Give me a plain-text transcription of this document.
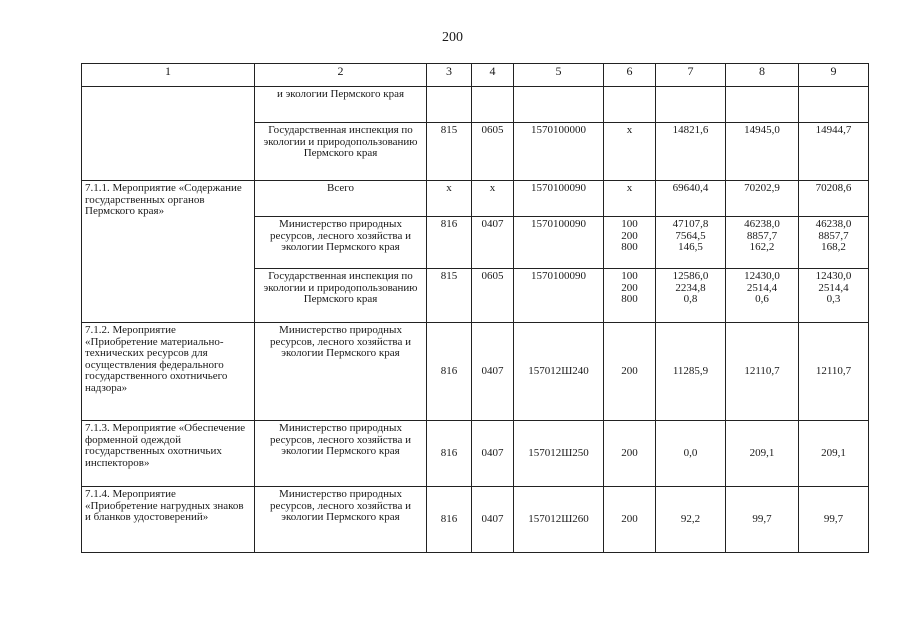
200
1	2	3	4	5	6	7	8	9
	и экологии Пермского края							
	Государственная инспекция по экологии и природопользованию Пермского края	815	0605	1570100000	х	14821,6	14945,0	14944,7

7.1.1. Мероприятие «Содержание государственных органов Пермского края»	Всего	х	х	1570100090	х	69640,4	70202,9	70208,6

	Министерство природных ресурсов, лесного хозяйства и экологии Пермского края	816	0407	1570100090	100
200
800	47107,8
7564,5
146,5	46238,0
8857,7
162,2	46238,0
8857,7
168,2

	Государственная инспекция по экологии и природопользованию Пермского края	815	0605	1570100090	100
200
800	12586,0
2234,8
0,8	12430,0
2514,4
0,6	12430,0
2514,4
0,3

7.1.2. Мероприятие «Приобретение материально-технических ресурсов для осуществления федерального государственного охотничьего надзора»	Министерство природных ресурсов, лесного хозяйства и экологии Пермского края	816	0407	157012Ш240	200	11285,9	12110,7	12110,7

7.1.3. Мероприятие «Обеспечение форменной одеждой государственных охотничьих инспекторов»	Министерство природных ресурсов, лесного хозяйства и экологии Пермского края	816	0407	157012Ш250	200	0,0	209,1	209,1

7.1.4. Мероприятие «Приобретение нагрудных знаков и бланков удостоверений»	Министерство природных ресурсов, лесного хозяйства и экологии Пермского края	816	0407	157012Ш260	200	92,2	99,7	99,7
